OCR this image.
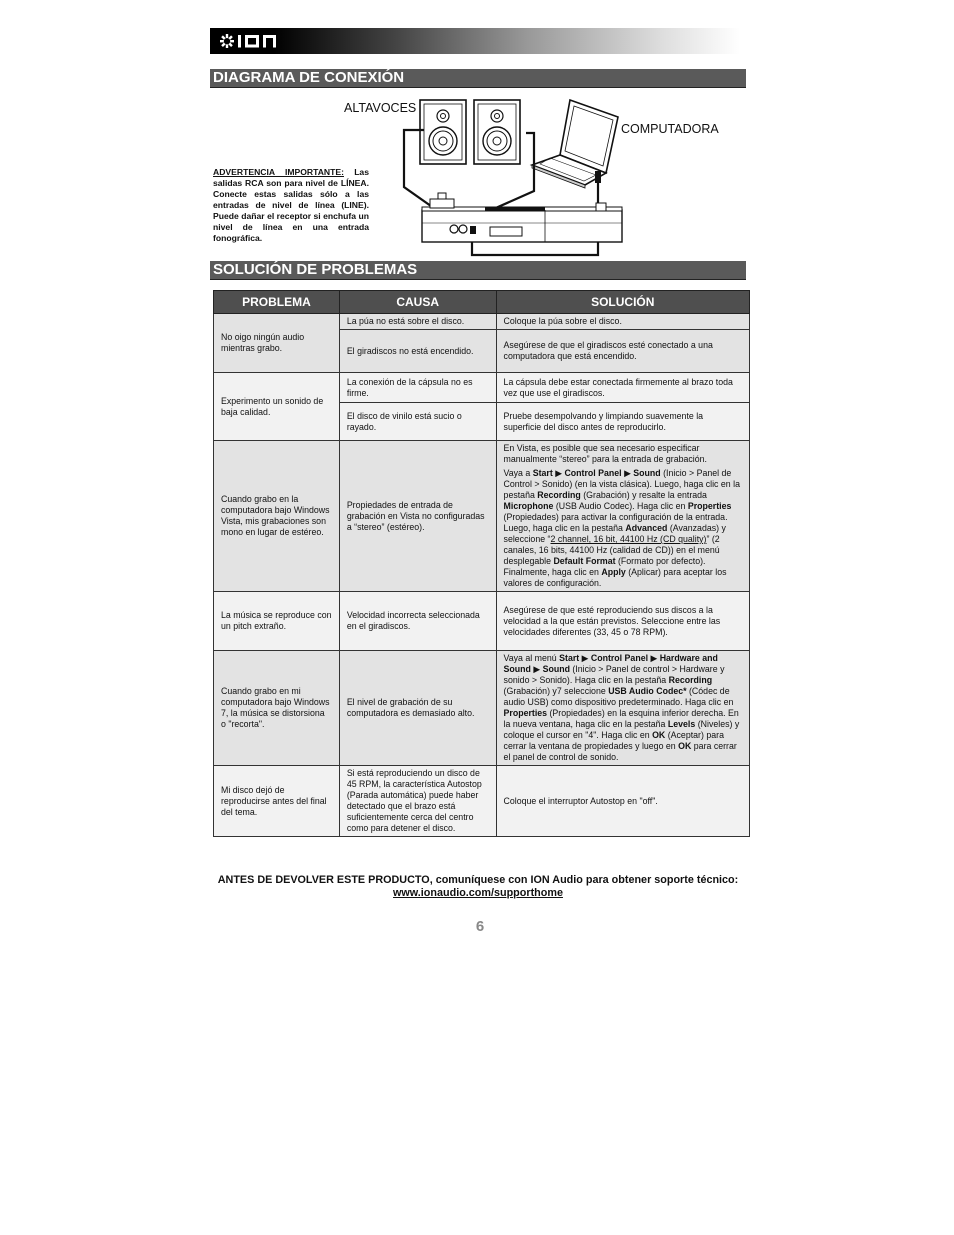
DIAGRAMA DE CONEXIÓN
ALTAVOCES
COMPUTADORA
ADVERTENCIA IMPORTANTE: Las salidas RCA son para nivel de LÍNEA. Conecte estas salidas sólo a las entradas de nivel de línea (LINE). Puede dañar el receptor si enchufa un nivel de línea en una entrada fonográfica.
SOLUCIÓN DE PROBLEMAS
PROBLEMA	CAUSA	SOLUCIÓN
No oigo ningún audio mientras grabo.	La púa no está sobre el disco.	Coloque la púa sobre el disco.
	El giradiscos no está encendido.	Asegúrese de que el giradiscos esté conectado a una computadora que está encendido.
Experimento un sonido de baja calidad.	La conexión de la cápsula no es firme.	La cápsula debe estar conectada firmemente al brazo toda vez que use el giradiscos.
	El disco de vinilo está sucio o rayado.	Pruebe desempolvando y limpiando suavemente la superficie del disco antes de reproducirlo.
Cuando grabo en la computadora bajo Windows Vista, mis grabaciones son mono en lugar de estéreo.	Propiedades de entrada de grabación en Vista no configuradas a “stereo” (estéreo).	En Vista, es posible que sea necesario especificar manualmente “stereo” para la entrada de grabación.

Vaya a Start ▶ Control Panel ▶ Sound (Inicio > Panel de Control > Sonido) (en la vista clásica). Luego, haga clic en la pestaña Recording (Grabación) y resalte la entrada Microphone (USB Audio Codec). Haga clic en Properties (Propiedades) para activar la configuración de la entrada. Luego, haga clic en la pestaña Advanced (Avanzadas) y seleccione “2 channel, 16 bit, 44100 Hz (CD quality)” (2 canales, 16 bits, 44100 Hz (calidad de CD)) en el menú desplegable Default Format (Formato por defecto). Finalmente, haga clic en Apply (Aplicar) para aceptar los valores de configuración.

La música se reproduce con un pitch extraño.	Velocidad incorrecta seleccionada en el giradiscos.	Asegúrese de que esté reproduciendo sus discos a la velocidad a la que están previstos. Seleccione entre las velocidades diferentes (33, 45 o 78 RPM).
Cuando grabo en mi computadora bajo Windows 7, la música se distorsiona o "recorta".	El nivel de grabación de su computadora es demasiado alto.	Vaya al menú Start ▶ Control Panel ▶ Hardware and Sound ▶ Sound (Inicio > Panel de control > Hardware y sonido > Sonido). Haga clic en la pestaña Recording (Grabación) y7 seleccione USB Audio Codec* (Códec de audio USB) como dispositivo predeterminado. Haga clic en Properties (Propiedades) en la esquina inferior derecha. En la nueva ventana, haga clic en la pestaña Levels (Niveles) y coloque el cursor en "4". Haga clic en OK (Aceptar) para cerrar la ventana de propiedades y luego en OK para cerrar el panel de control de sonido.

Mi disco dejó de reproducirse antes del final del tema.	Si está reproduciendo un disco de 45 RPM, la característica Autostop (Parada automática) puede haber detectado que el brazo está suficientemente cerca del centro como para detener el disco.	Coloque el interruptor Autostop en "off".
ANTES DE DEVOLVER ESTE PRODUCTO, comuníquese con ION Audio para obtener soporte técnico:
www.ionaudio.com/supporthome
6
